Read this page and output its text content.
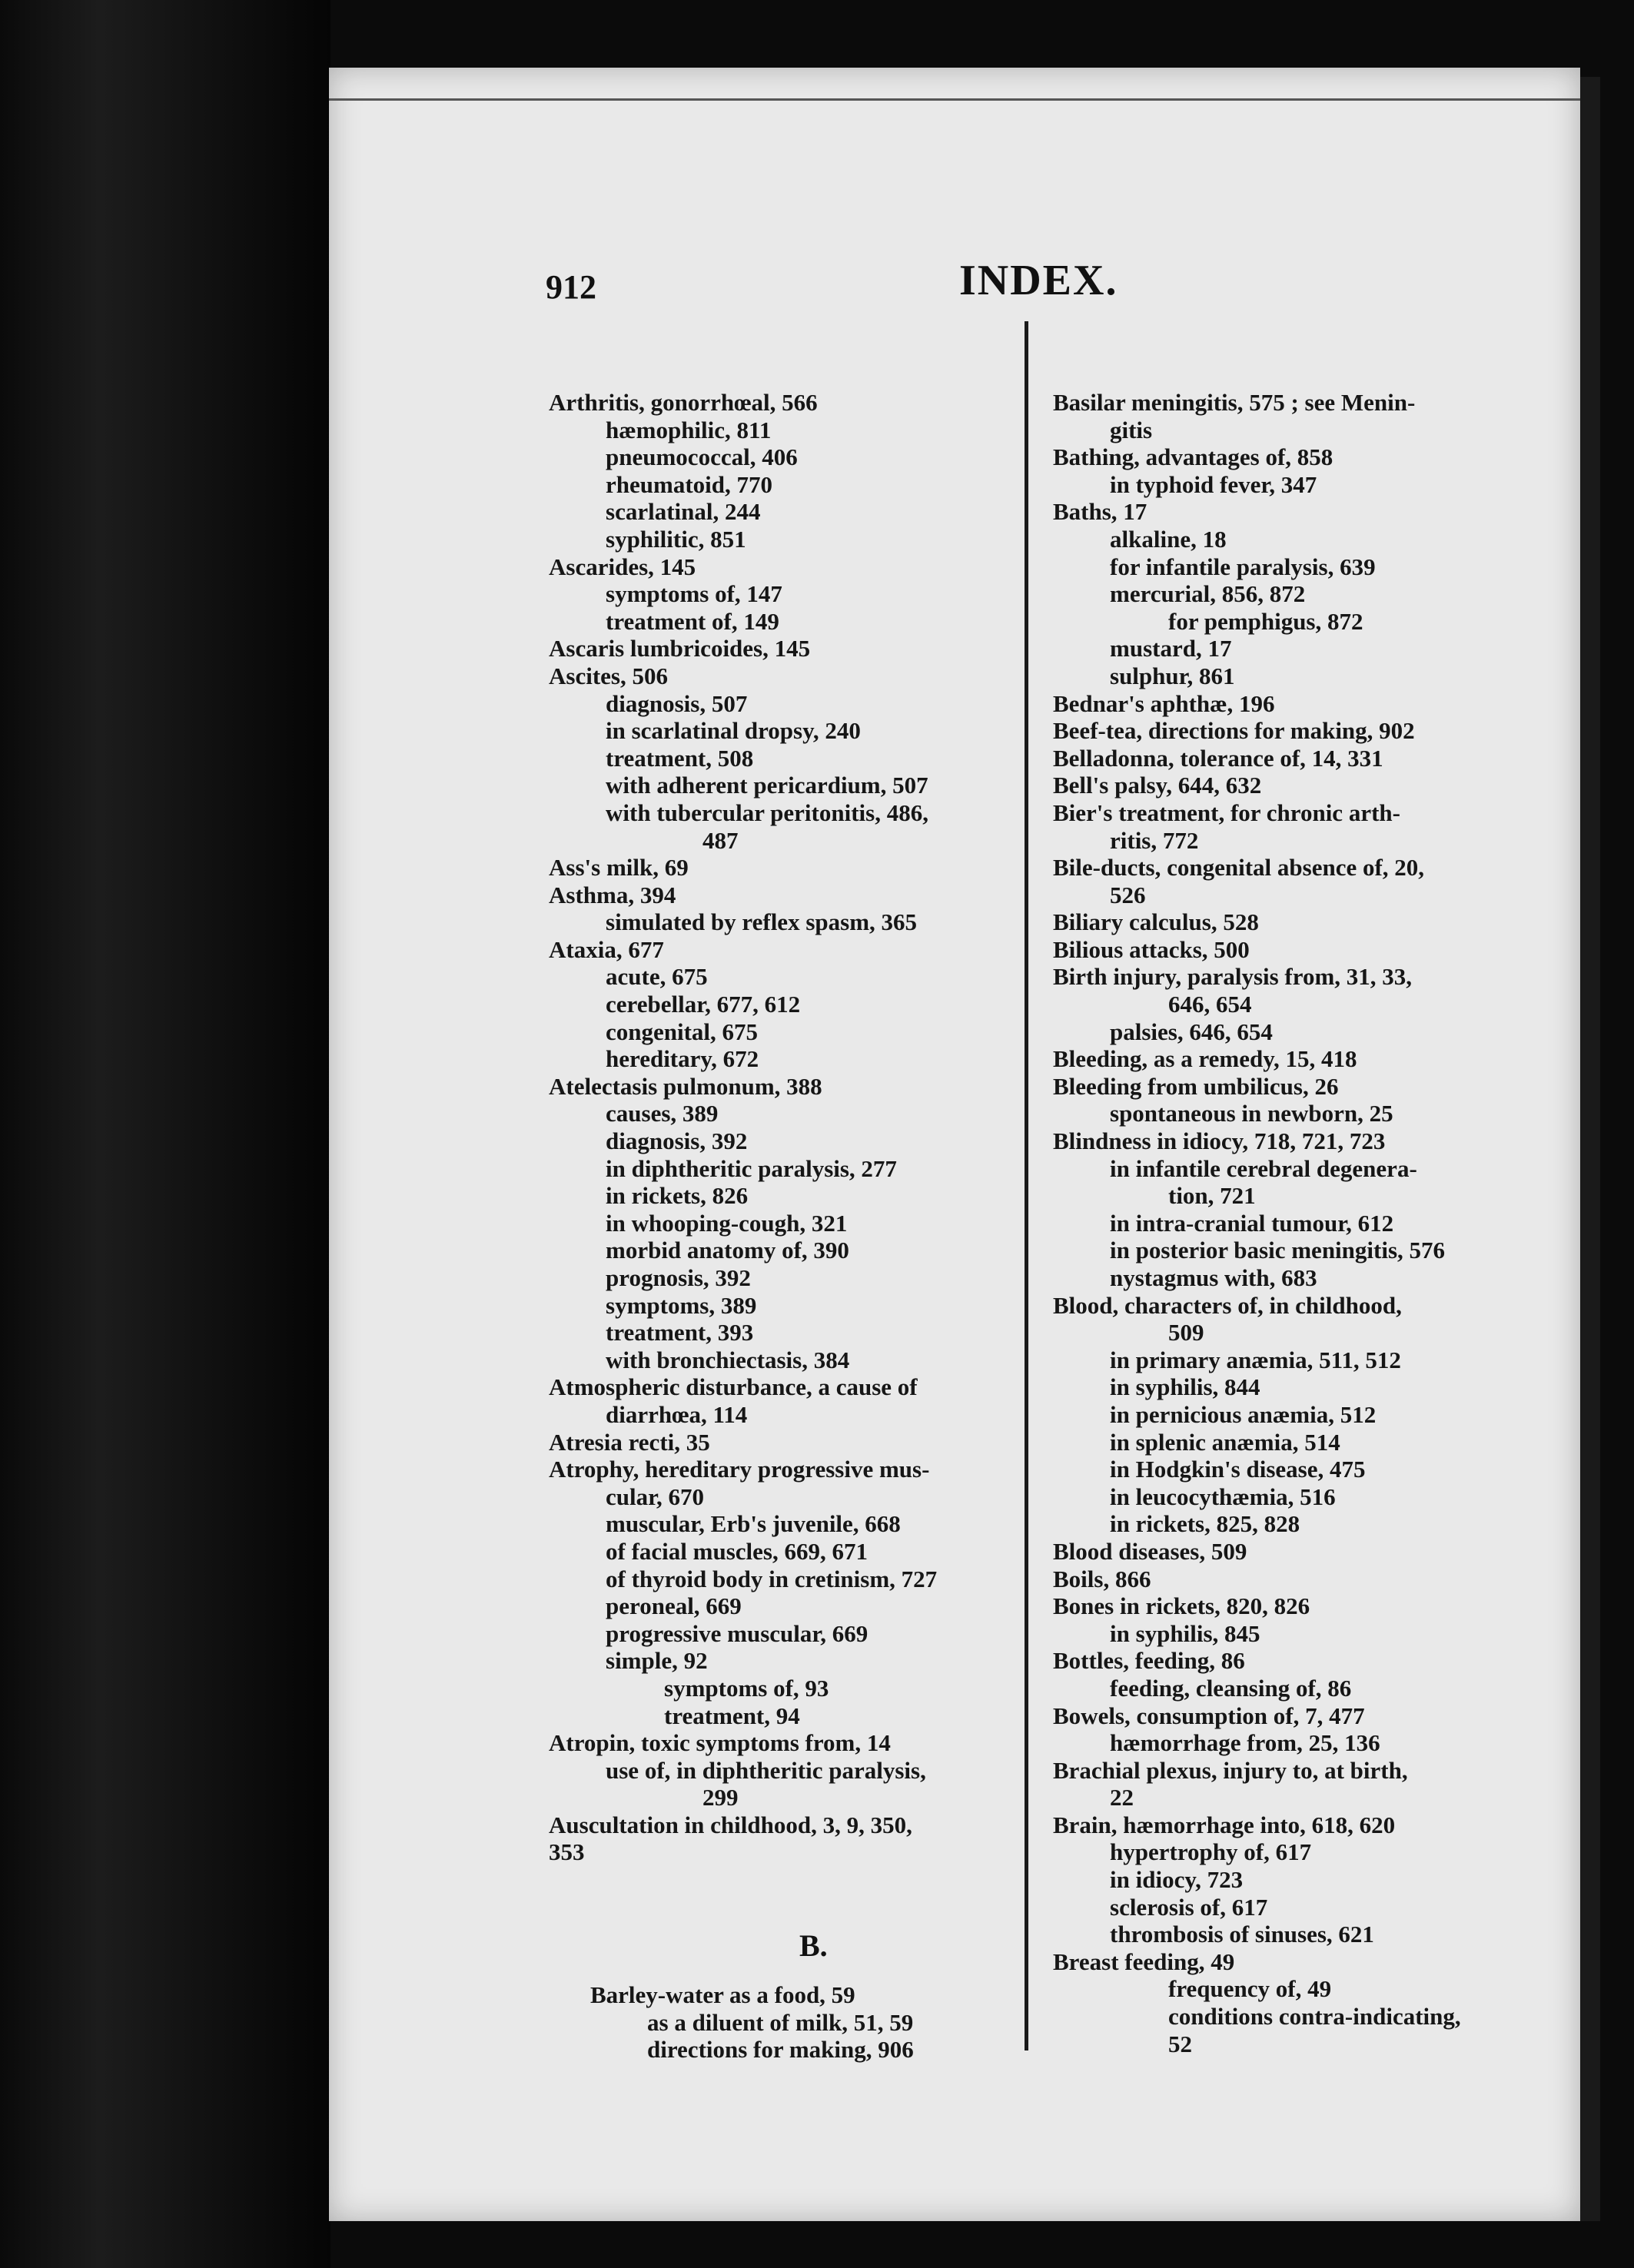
912	INDEX.
Arthritis, gonorrhœal, 566
hæmophilic, 811
pneumococcal, 406
rheumatoid, 770
scarlatinal, 244
syphilitic, 851
Ascarides, 145
symptoms of, 147
treatment of, 149
Ascaris lumbricoides, 145
Ascites, 506
diagnosis, 507
in scarlatinal dropsy, 240
treatment, 508
with adherent pericardium, 507
with tubercular peritonitis, 486,
487
Ass's milk, 69
Asthma, 394
simulated by reflex spasm, 365
Ataxia, 677
acute, 675
cerebellar, 677, 612
congenital, 675
hereditary, 672
Atelectasis pulmonum, 388
causes, 389
diagnosis, 392
in diphtheritic paralysis, 277
in rickets, 826
in whooping-cough, 321
morbid anatomy of, 390
prognosis, 392
symptoms, 389
treatment, 393
with bronchiectasis, 384
Atmospheric disturbance, a cause of
diarrhœa, 114
Atresia recti, 35
Atrophy, hereditary progressive mus-
cular, 670
muscular, Erb's juvenile, 668
of facial muscles, 669, 671
of thyroid body in cretinism, 727
peroneal, 669
progressive muscular, 669
simple, 92
symptoms of, 93
treatment, 94
Atropin, toxic symptoms from, 14
use of, in diphtheritic paralysis,
299
Auscultation in childhood, 3, 9, 350,
353
Basilar meningitis, 575 ; see Menin-
gitis
Bathing, advantages of, 858
in typhoid fever, 347
Baths, 17
alkaline, 18
for infantile paralysis, 639
mercurial, 856, 872
for pemphigus, 872
mustard, 17
sulphur, 861
Bednar's aphthæ, 196
Beef-tea, directions for making, 902
Belladonna, tolerance of, 14, 331
Bell's palsy, 644, 632
Bier's treatment, for chronic arth-
ritis, 772
Bile-ducts, congenital absence of, 20,
526
Biliary calculus, 528
Bilious attacks, 500
Birth injury, paralysis from, 31, 33,
646, 654
palsies, 646, 654
Bleeding, as a remedy, 15, 418
Bleeding from umbilicus, 26
spontaneous in newborn, 25
Blindness in idiocy, 718, 721, 723
in infantile cerebral degenera-
tion, 721
in intra-cranial tumour, 612
in posterior basic meningitis, 576
nystagmus with, 683
Blood, characters of, in childhood,
509
in primary anæmia, 511, 512
in syphilis, 844
in pernicious anæmia, 512
in splenic anæmia, 514
in Hodgkin's disease, 475
in leucocythæmia, 516
in rickets, 825, 828
Blood diseases, 509
Boils, 866
Bones in rickets, 820, 826
in syphilis, 845
Bottles, feeding, 86
feeding, cleansing of, 86
Bowels, consumption of, 7, 477
hæmorrhage from, 25, 136
Brachial plexus, injury to, at birth,
22
Brain, hæmorrhage into, 618, 620
hypertrophy of, 617
in idiocy, 723
sclerosis of, 617
thrombosis of sinuses, 621
Breast feeding, 49
frequency of, 49
conditions contra-indicating,
52
B.
Barley-water as a food, 59
as a diluent of milk, 51, 59
directions for making, 906
